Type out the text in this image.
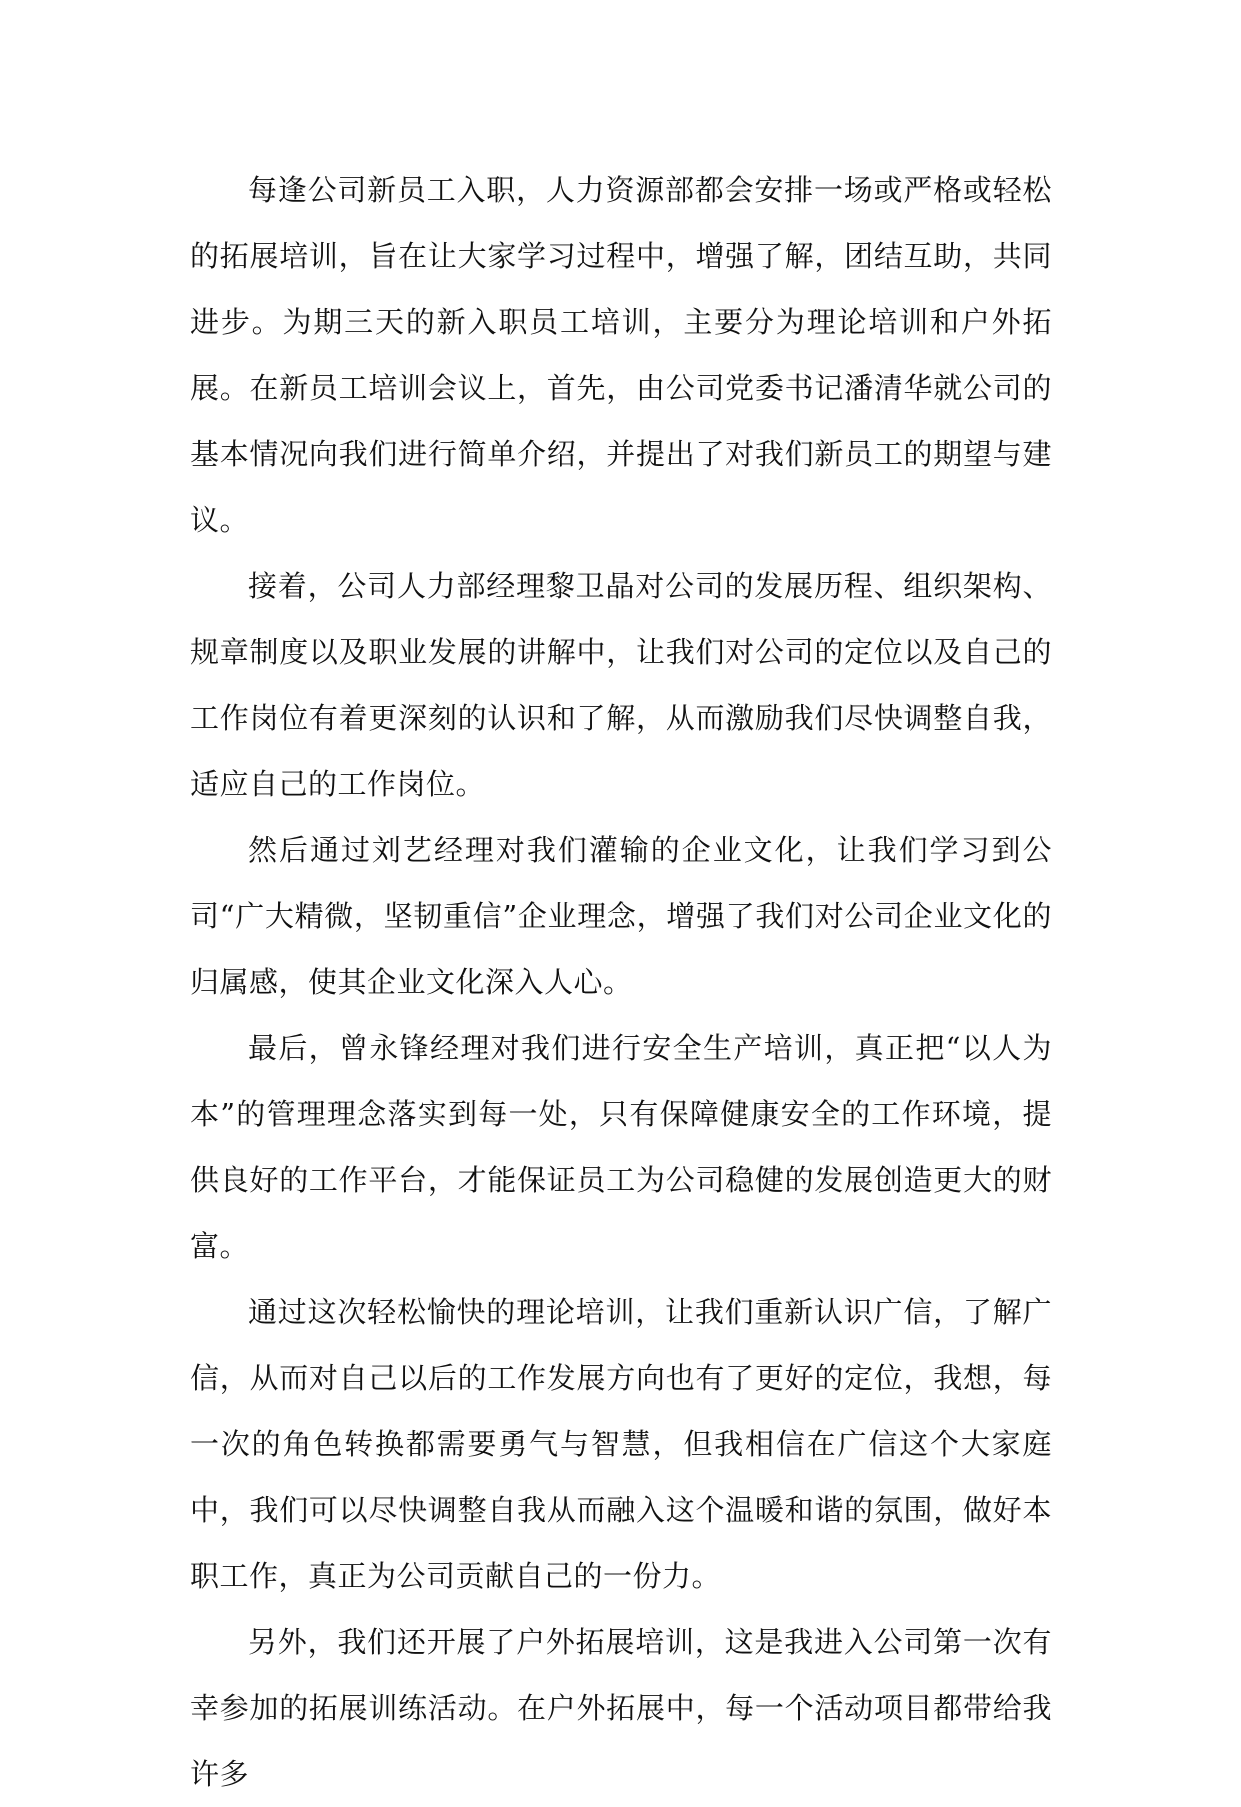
每逢公司新员工入职，人力资源部都会安排一场或严格或轻松的拓展培训，旨在让大家学习过程中，增强了解，团结互助，共同进步。为期三天的新入职员工培训，主要分为理论培训和户外拓展。在新员工培训会议上，首先，由公司党委书记潘清华就公司的基本情况向我们进行简单介绍，并提出了对我们新员工的期望与建议。

接着，公司人力部经理黎卫晶对公司的发展历程、组织架构、规章制度以及职业发展的讲解中，让我们对公司的定位以及自己的工作岗位有着更深刻的认识和了解，从而激励我们尽快调整自我，适应自己的工作岗位。

然后通过刘艺经理对我们灌输的企业文化，让我们学习到公司“广大精微，坚韧重信”企业理念，增强了我们对公司企业文化的归属感，使其企业文化深入人心。

最后，曾永锋经理对我们进行安全生产培训，真正把“以人为本”的管理理念落实到每一处，只有保障健康安全的工作环境，提供良好的工作平台，才能保证员工为公司稳健的发展创造更大的财富。

通过这次轻松愉快的理论培训，让我们重新认识广信，了解广信，从而对自己以后的工作发展方向也有了更好的定位，我想，每一次的角色转换都需要勇气与智慧，但我相信在广信这个大家庭中，我们可以尽快调整自我从而融入这个温暖和谐的氛围，做好本职工作，真正为公司贡献自己的一份力。

另外，我们还开展了户外拓展培训，这是我进入公司第一次有幸参加的拓展训练活动。在户外拓展中，每一个活动项目都带给我许多
